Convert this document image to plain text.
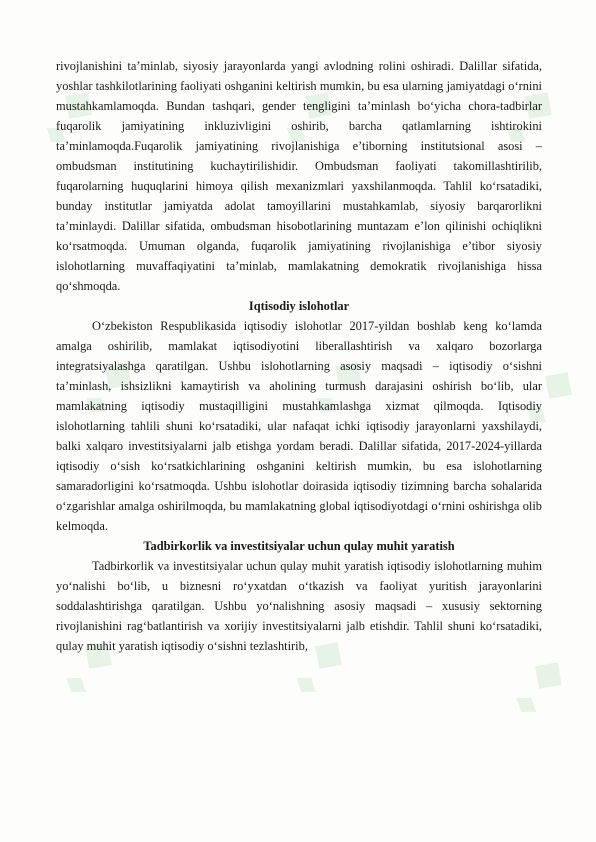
♦ ◆	♦ ◆	♦ ◆
♦ ◆	♦ ◆	♦ ◆
♦ ◆	♦ ◆	♦ ◆

rivojlanishini ta’minlab, siyosiy jarayonlarda yangi avlodning rolini oshiradi. Dalillar sifatida, yoshlar tashkilotlarining faoliyati oshganini keltirish mumkin, bu esa ularning jamiyatdagi o‘rnini mustahkamlamoqda. Bundan tashqari, gender tengligini ta’minlash bo‘yicha chora-tadbirlar fuqarolik jamiyatining inkluzivligini oshirib, barcha qatlamlarning ishtirokini ta’minlamoqda.Fuqarolik jamiyatining rivojlanishiga e’tiborning institutsional asosi – ombudsman institutining kuchaytirilishidir. Ombudsman faoliyati takomillashtirilib, fuqarolarning huquqlarini himoya qilish mexanizmlari yaxshilanmoqda. Tahlil ko‘rsatadiki, bunday institutlar jamiyatda adolat tamoyillarini mustahkamlab, siyosiy barqarorlikni ta’minlaydi. Dalillar sifatida, ombudsman hisobotlarining muntazam e’lon qilinishi ochiqlikni ko‘rsatmoqda. Umuman olganda, fuqarolik jamiyatining rivojlanishiga e’tibor siyosiy islohotlarning muvaffaqiyatini ta’minlab, mamlakatning demokratik rivojlanishiga hissa qo‘shmoqda.

Iqtisodiy islohotlar

O‘zbekiston Respublikasida iqtisodiy islohotlar 2017-yildan boshlab keng ko‘lamda amalga oshirilib, mamlakat iqtisodiyotini liberallashtirish va xalqaro bozorlarga integratsiyalashga qaratilgan. Ushbu islohotlarning asosiy maqsadi – iqtisodiy o‘sishni ta’minlash, ishsizlikni kamaytirish va aholining turmush darajasini oshirish bo‘lib, ular mamlakatning iqtisodiy mustaqilligini mustahkamlashga xizmat qilmoqda. Iqtisodiy islohotlarning tahlili shuni ko‘rsatadiki, ular nafaqat ichki iqtisodiy jarayonlarni yaxshilaydi, balki xalqaro investitsiyalarni jalb etishga yordam beradi. Dalillar sifatida, 2017-2024-yillarda iqtisodiy o‘sish ko‘rsatkichlarining oshganini keltirish mumkin, bu esa islohotlarning samaradorligini ko‘rsatmoqda. Ushbu islohotlar doirasida iqtisodiy tizimning barcha sohalarida o‘zgarishlar amalga oshirilmoqda, bu mamlakatning global iqtisodiyotdagi o‘rnini oshirishga olib kelmoqda.

Tadbirkorlik va investitsiyalar uchun qulay muhit yaratish

Tadbirkorlik va investitsiyalar uchun qulay muhit yaratish iqtisodiy islohotlarning muhim yo‘nalishi bo‘lib, u biznesni ro‘yxatdan o‘tkazish va faoliyat yuritish jarayonlarini soddalashtirishga qaratilgan. Ushbu yo‘nalishning asosiy maqsadi – xususiy sektorning rivojlanishini rag‘batlantirish va xorijiy investitsiyalarni jalb etishdir. Tahlil shuni ko‘rsatadiki, qulay muhit yaratish iqtisodiy o‘sishni tezlashtirib,
